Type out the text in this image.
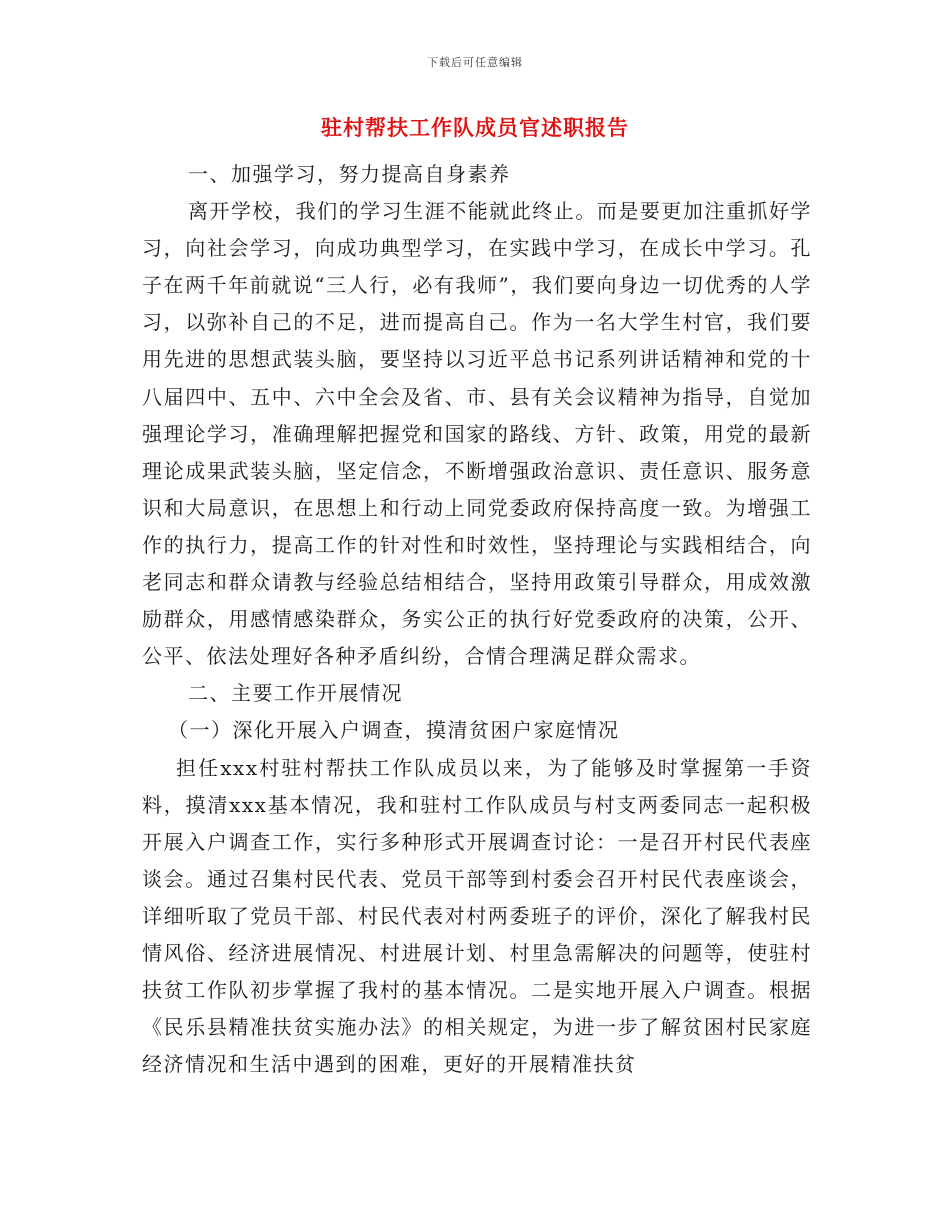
下载后可任意编辑
驻村帮扶工作队成员官述职报告

一、加强学习，努力提高自身素养

离开学校，我们的学习生涯不能就此终止。而是要更加注重抓好学习，向社会学习，向成功典型学习，在实践中学习，在成长中学习。孔子在两千年前就说“三人行，必有我师”，我们要向身边一切优秀的人学习，以弥补自己的不足，进而提高自己。作为一名大学生村官，我们要用先进的思想武装头脑，要坚持以习近平总书记系列讲话精神和党的十八届四中、五中、六中全会及省、市、县有关会议精神为指导，自觉加强理论学习，准确理解把握党和国家的路线、方针、政策，用党的最新理论成果武装头脑，坚定信念，不断增强政治意识、责任意识、服务意识和大局意识，在思想上和行动上同党委政府保持高度一致。为增强工作的执行力，提高工作的针对性和时效性，坚持理论与实践相结合，向老同志和群众请教与经验总结相结合，坚持用政策引导群众，用成效激励群众，用感情感染群众，务实公正的执行好党委政府的决策，公开、公平、依法处理好各种矛盾纠纷，合情合理满足群众需求。

二、主要工作开展情况

（一）深化开展入户调查，摸清贫困户家庭情况

担任xxx村驻村帮扶工作队成员以来，为了能够及时掌握第一手资料，摸清xxx基本情况，我和驻村工作队成员与村支两委同志一起积极开展入户调查工作，实行多种形式开展调查讨论：一是召开村民代表座谈会。通过召集村民代表、党员干部等到村委会召开村民代表座谈会，详细听取了党员干部、村民代表对村两委班子的评价，深化了解我村民情风俗、经济进展情况、村进展计划、村里急需解决的问题等，使驻村扶贫工作队初步掌握了我村的基本情况。二是实地开展入户调查。根据《民乐县精准扶贫实施办法》的相关规定，为进一步了解贫困村民家庭经济情况和生活中遇到的困难，更好的开展精准扶贫
